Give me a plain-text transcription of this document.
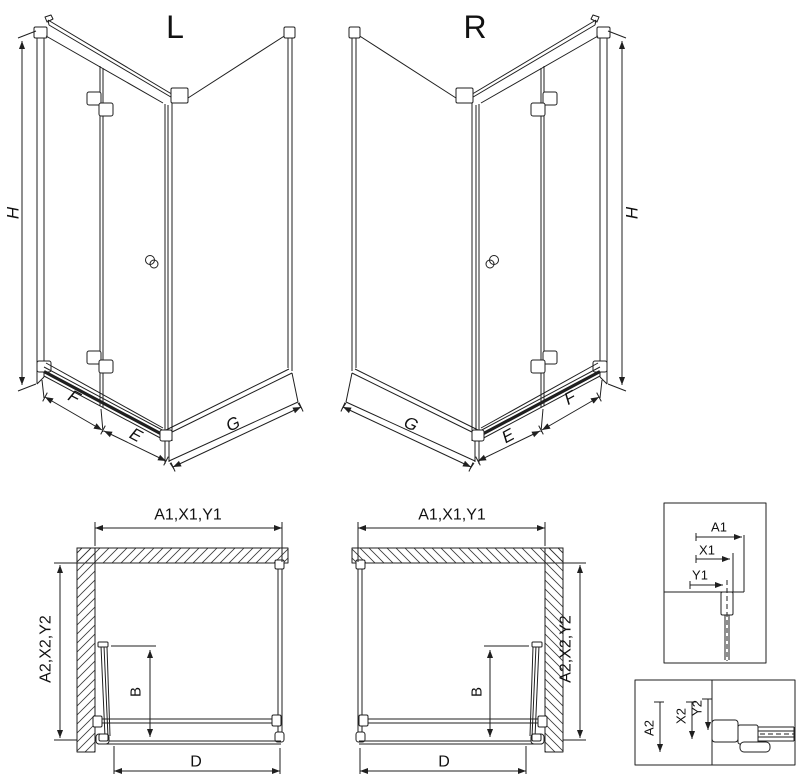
L
H
F
E	G
R
H
G
E
F
A1,X1,Y1
A2,X2,Y2
B
D
A1,X1,Y1
A2,X2,Y2
B
D
A1
X1
Y1
A2
X2
Y2
